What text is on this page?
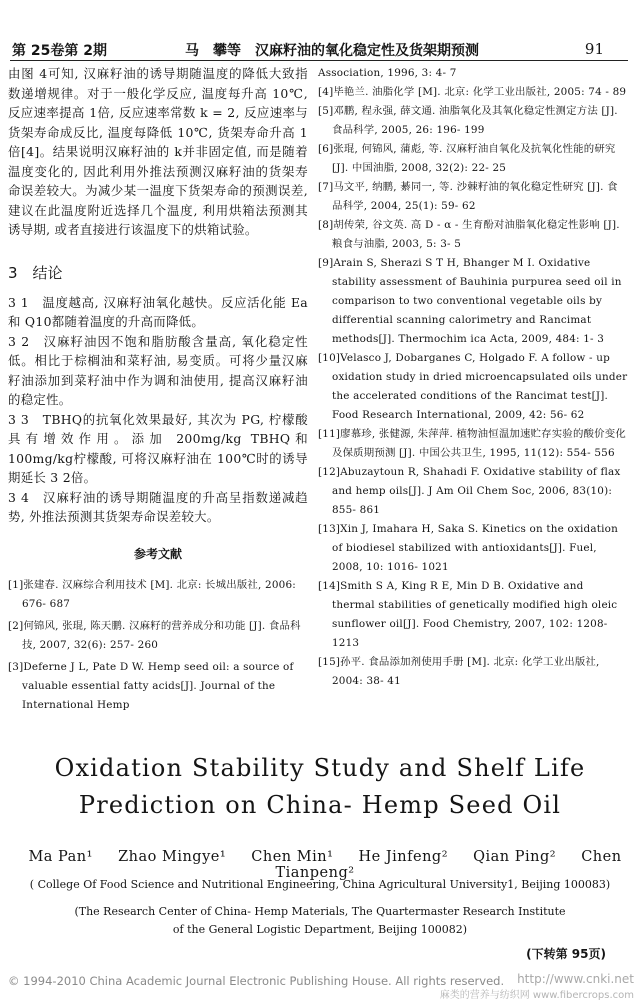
第 25卷第 2期	马　攀等　汉麻籽油的氧化稳定性及货架期预测	91

由图 4可知, 汉麻籽油的诱导期随温度的降低大致指数递增规律。对于一般化学反应, 温度每升高 10℃, 反应速率提高 1倍, 反应速率常数 k = 2, 反应速率与货架寿命成反比, 温度每降低 10℃, 货架寿命升高 1倍[4]。结果说明汉麻籽油的 k并非固定值, 而是随着温度变化的, 因此利用外推法预测汉麻籽油的货架寿命误差较大。为减少某一温度下货架寿命的预测误差, 建议在此温度附近选择几个温度, 利用烘箱法预测其诱导期, 或者直接进行该温度下的烘箱试验。

3　结论

3 1　温度越高, 汉麻籽油氧化越快。反应活化能 Ea和 Q10都随着温度的升高而降低。

3 2　汉麻籽油因不饱和脂肪酸含量高, 氧化稳定性低。相比于棕榈油和菜籽油, 易变质。可将少量汉麻籽油添加到菜籽油中作为调和油使用, 提高汉麻籽油的稳定性。

3 3　TBHQ的抗氧化效果最好, 其次为 PG, 柠檬酸具有增效作用。添加 200mg/kg TBHQ和 100mg/kg柠檬酸, 可将汉麻籽油在 100℃时的诱导期延长 3 2倍。

3 4　汉麻籽油的诱导期随温度的升高呈指数递减趋势, 外推法预测其货架寿命误差较大。

参考文献

[1]张建春. 汉麻综合利用技术 [M]. 北京: 长城出版社, 2006: 676- 687

[2]何锦风, 张琨, 陈天鹏. 汉麻籽的营养成分和功能 [J]. 食品科技, 2007, 32(6): 257- 260

[3]Deferne J L, Pate D W. Hemp seed oil: a source of valuable essential fatty acids[J]. Journal of the International Hemp

Association, 1996, 3: 4- 7

[4]毕艳兰. 油脂化学 [M]. 北京: 化学工业出版社, 2005: 74 - 89

[5]邓鹏, 程永强, 薛文通. 油脂氧化及其氧化稳定性测定方法 [J]. 食品科学, 2005, 26: 196- 199

[6]张琨, 何锦风, 蒲彪, 等. 汉麻籽油自氧化及抗氧化性能的研究 [J]. 中国油脂, 2008, 32(2): 22- 25

[7]马文平, 纳鹏, 綦同一, 等. 沙棘籽油的氧化稳定性研究 [J]. 食品科学, 2004, 25(1): 59- 62

[8]胡传荣, 谷文英. 高 D - α - 生育酚对油脂氧化稳定性影响 [J]. 粮食与油脂, 2003, 5: 3- 5

[9]Arain S, Sherazi S T H, Bhanger M I. Oxidative stability assessment of Bauhinia purpurea seed oil in comparison to two conventional vegetable oils by differential scanning calorimetry and Rancimat methods[J]. Thermochim ica Acta, 2009, 484: 1- 3

[10]Velasco J, Dobarganes C, Holgado F. A follow - up oxidation study in dried microencapsulated oils under the accelerated conditions of the Rancimat test[J]. Food Research International, 2009, 42: 56- 62

[11]廖慕珍, 张健源, 朱萍萍. 植物油恒温加速贮存实验的酸价变化及保质期预测 [J]. 中国公共卫生, 1995, 11(12): 554- 556

[12]Abuzaytoun R, Shahadi F. Oxidative stability of flax and hemp oils[J]. J Am Oil Chem Soc, 2006, 83(10): 855- 861

[13]Xin J, Imahara H, Saka S. Kinetics on the oxidation of biodiesel stabilized with antioxidants[J]. Fuel, 2008, 10: 1016- 1021

[14]Smith S A, King R E, Min D B. Oxidative and thermal stabilities of genetically modified high oleic sunflower oil[J]. Food Chemistry, 2007, 102: 1208- 1213

[15]孙平. 食品添加剂使用手册 [M]. 北京: 化学工业出版社, 2004: 38- 41

Oxidation Stability Study and Shelf Life
Prediction on China- Hemp Seed Oil
Ma Pan¹ Zhao Mingye¹ Chen Min¹ He Jinfeng² Qian Ping² Chen Tianpeng²
( College Of Food Science and Nutritional Engineering, China Agricultural University1, Beijing 100083)
(The Research Center of China- Hemp Materials, The Quartermaster Research Institute of the General Logistic Department, Beijing 100082)
(下转第 95页)
© 1994-2010 China Academic Journal Electronic Publishing House. All rights reserved. http://www.cnki.net
麻类的营养与纺织网 www.fibercrops.com
